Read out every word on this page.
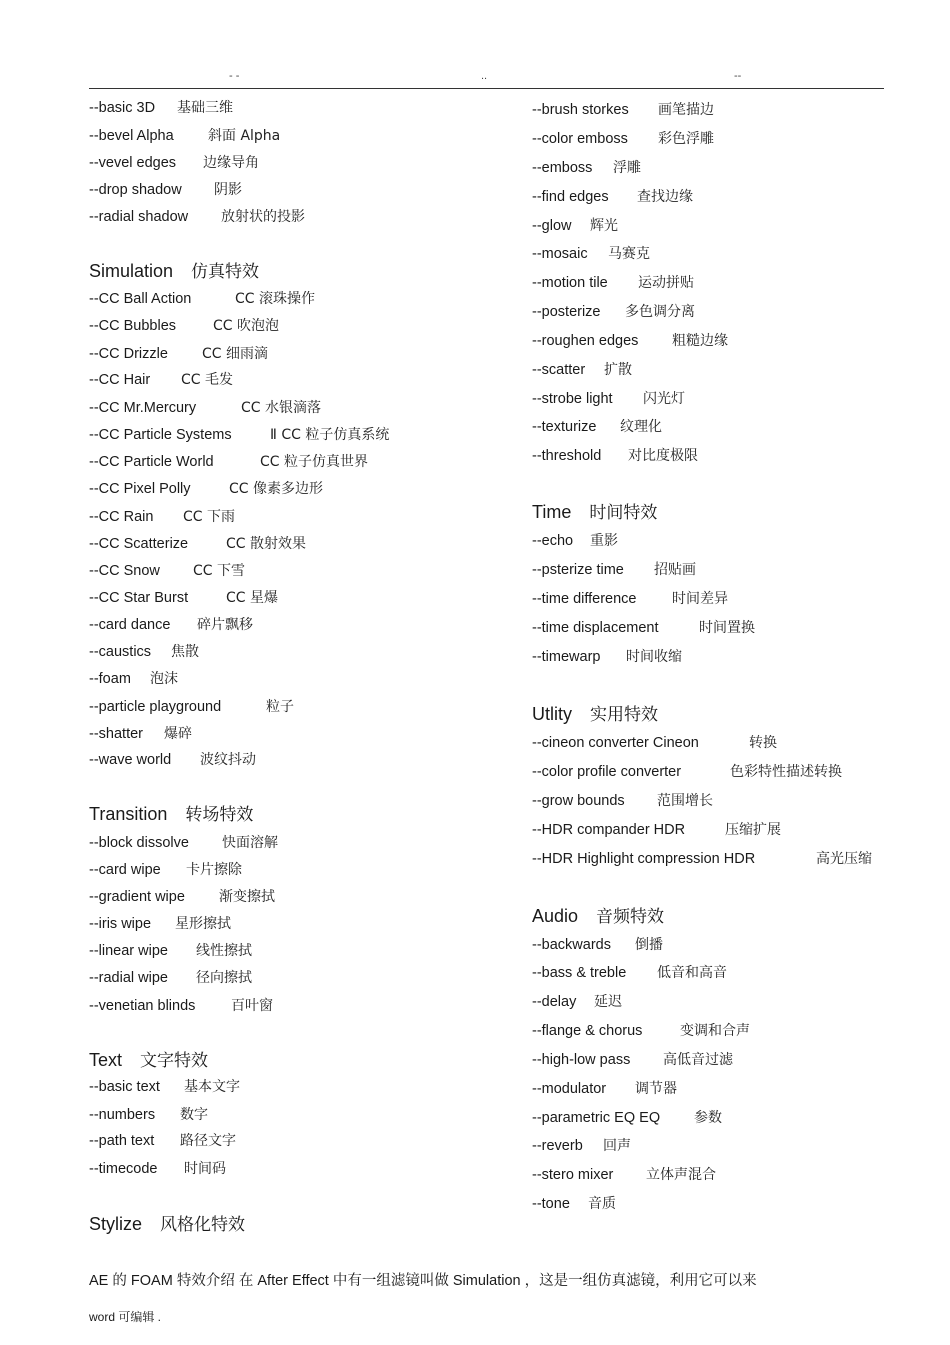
- -	..	--
--basic 3D 基础三维
--bevel Alpha 斜面 Alpha
--vevel edges 边缘导角
--drop shadow 阴影
--radial shadow 放射状的投影
Simulation 仿真特效
--CC Ball Action	CC 滚珠操作
--CC Bubbles	CC 吹泡泡
--CC Drizzle CC 细雨滴
--CC Hair CC 毛发
--CC Mr.Mercury	CC 水银滴落
--CC Particle Systems	Ⅱ CC 粒子仿真系统
--CC Particle World	CC 粒子仿真世界
--CC Pixel Polly	CC 像素多边形
--CC Rain CC 下雨
--CC Scatterize	CC 散射效果
--CC Snow CC 下雪
--CC Star Burst	CC 星爆
--card dance 碎片飘移
--caustics 焦散
--foam 泡沫
--particle playground	粒子
--shatter 爆碎
--wave world 波纹抖动
Transition 转场特效
--block dissolve 快面溶解
--card wipe 卡片擦除
--gradient wipe 渐变擦拭
--iris wipe 星形擦拭
--linear wipe 线性擦拭
--radial wipe 径向擦拭
--venetian blinds	百叶窗
Text 文字特效
--basic text 基本文字
--numbers 数字
--path text 路径文字
--timecode 时间码
Stylize 风格化特效
--brush storkes 画笔描边
--color emboss 彩色浮雕
--emboss 浮雕
--find edges 查找边缘
--glow 辉光
--mosaic 马赛克
--motion tile 运动拼贴
--posterize 多色调分离
--roughen edges 粗糙边缘
--scatter 扩散
--strobe light 闪光灯
--texturize 纹理化
--threshold 对比度极限
Time 时间特效
--echo 重影
--psterize time 招贴画
--time difference	时间差异
--time displacement	时间置换
--timewarp 时间收缩
Utlity 实用特效
--cineon converter Cineon	转换
--color profile converter	色彩特性描述转换
--grow bounds 范围增长
--HDR compander HDR	压缩扩展
--HDR Highlight compression HDR	高光压缩
Audio 音频特效
--backwards 倒播
--bass & treble 低音和高音
--delay 延迟
--flange & chorus	变调和合声
--high-low pass 高低音过滤
--modulator 调节器
--parametric EQ EQ 参数
--reverb 回声
--stero mixer 立体声混合
--tone 音质
AE 的 FOAM 特效介绍 在 After Effect 中有一组滤镜叫做 Simulation ，这是一组仿真滤镜，利用它可以来
word 可编辑 .
